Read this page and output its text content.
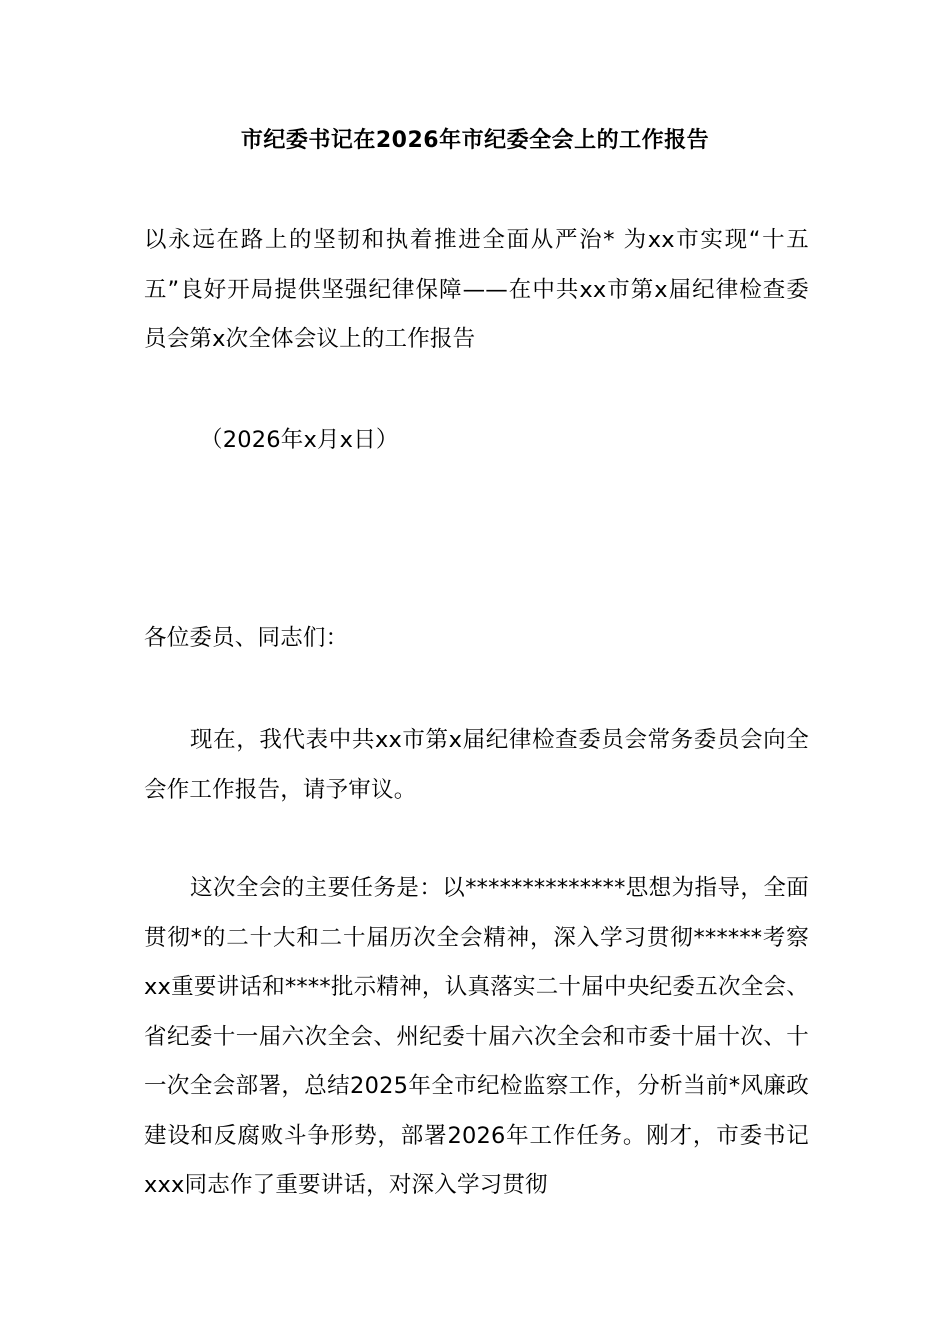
市纪委书记在2026年市纪委全会上的工作报告

以永远在路上的坚韧和执着推进全面从严治* 为xx市实现“十五五”良好开局提供坚强纪律保障——在中共xx市第x届纪律检查委员会第x次全体会议上的工作报告

（2026年x月x日）

各位委员、同志们：

现在，我代表中共xx市第x届纪律检查委员会常务委员会向全会作工作报告，请予审议。

这次全会的主要任务是：以**************思想为指导，全面贯彻*的二十大和二十届历次全会精神，深入学习贯彻******考察xx重要讲话和****批示精神，认真落实二十届中央纪委五次全会、省纪委十一届六次全会、州纪委十届六次全会和市委十届十次、十一次全会部署，总结2025年全市纪检监察工作，分析当前*风廉政建设和反腐败斗争形势，部署2026年工作任务。刚才，市委书记xxx同志作了重要讲话，对深入学习贯彻
